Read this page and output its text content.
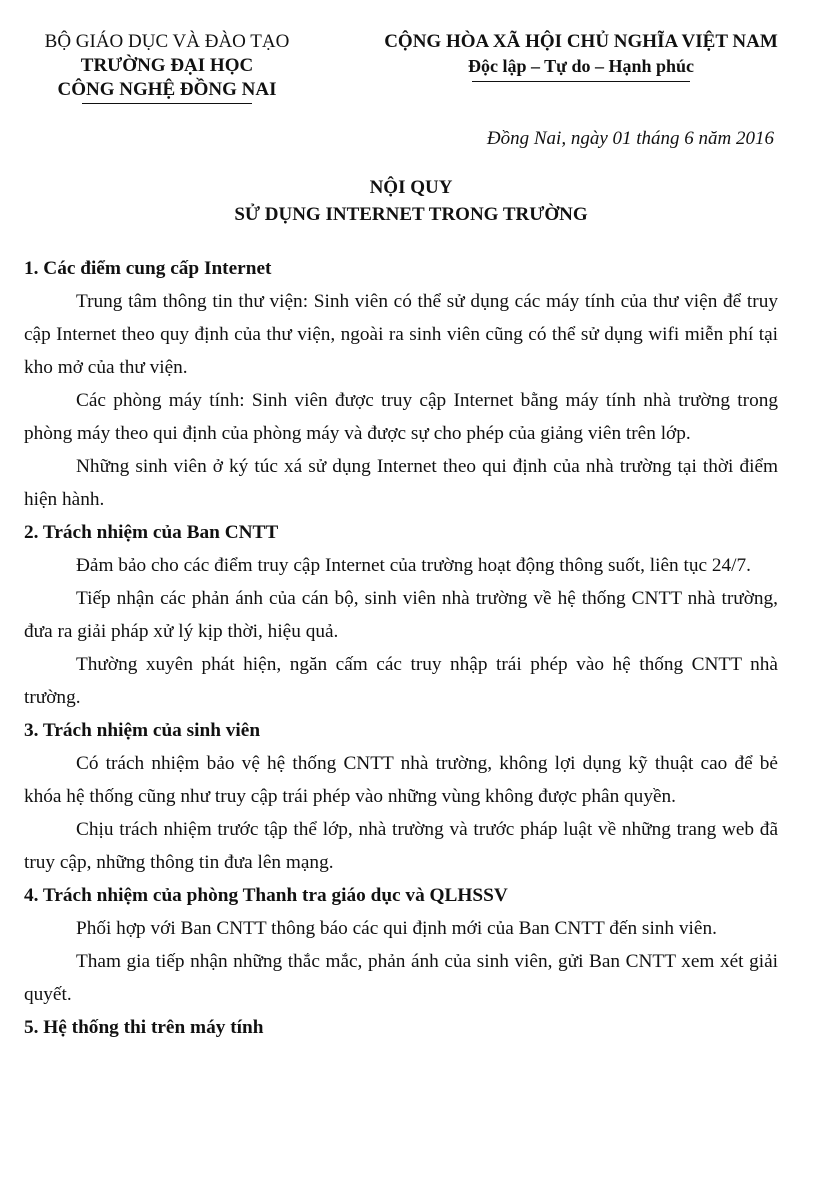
BỘ GIÁO DỤC VÀ ĐÀO TẠO
TRƯỜNG ĐẠI HỌC
CÔNG NGHỆ ĐỒNG NAI
CỘNG HÒA XÃ HỘI CHỦ NGHĨA VIỆT NAM
Độc lập – Tự do – Hạnh phúc
Đồng Nai, ngày 01 tháng 6 năm 2016
NỘI QUY
SỬ DỤNG INTERNET TRONG TRƯỜNG

1. Các điểm cung cấp Internet

Trung tâm thông tin thư viện: Sinh viên có thể sử dụng các máy tính của thư viện để truy cập Internet theo quy định của thư viện, ngoài ra sinh viên cũng có thể sử dụng wifi miễn phí tại kho mở của thư viện.

Các phòng máy tính: Sinh viên được truy cập Internet bằng máy tính nhà trường trong phòng máy theo qui định của phòng máy và được sự cho phép của giảng viên trên lớp.

Những sinh viên ở ký túc xá sử dụng Internet theo qui định của nhà trường tại thời điểm hiện hành.

2. Trách nhiệm của Ban CNTT

Đảm bảo cho các điểm truy cập Internet của trường hoạt động thông suốt, liên tục 24/7.

Tiếp nhận các phản ánh của cán bộ, sinh viên nhà trường về hệ thống CNTT nhà trường, đưa ra giải pháp xử lý kịp thời, hiệu quả.

Thường xuyên phát hiện, ngăn cấm các truy nhập trái phép vào hệ thống CNTT nhà trường.

3. Trách nhiệm của sinh viên

Có trách nhiệm bảo vệ hệ thống CNTT nhà trường, không lợi dụng kỹ thuật cao để bẻ khóa hệ thống cũng như truy cập trái phép vào những vùng không được phân quyền.

Chịu trách nhiệm trước tập thể lớp, nhà trường và trước pháp luật về những trang web đã truy cập, những thông tin đưa lên mạng.

4. Trách nhiệm của phòng Thanh tra giáo dục và QLHSSV

Phối hợp với Ban CNTT thông báo các qui định mới của Ban CNTT đến sinh viên.

Tham gia tiếp nhận những thắc mắc, phản ánh của sinh viên, gửi Ban CNTT xem xét giải quyết.

5. Hệ thống thi trên máy tính
